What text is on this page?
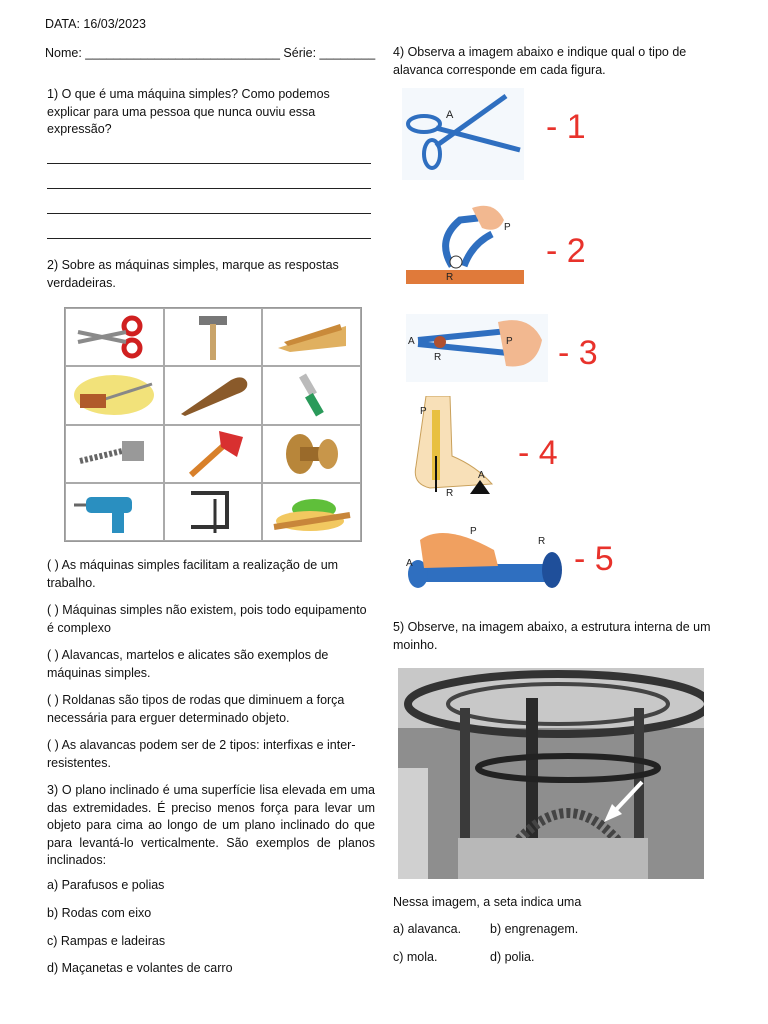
DATA: 16/03/2023
Nome: ____________________________ Série: ________
1) O que é uma máquina simples? Como podemos explicar para uma pessoa que nunca ouviu essa expressão?
2) Sobre as máquinas simples, marque as respostas verdadeiras.
( ) As máquinas simples facilitam a realização de um trabalho.
( ) Máquinas simples não existem, pois todo equipamento é complexo
( ) Alavancas, martelos e alicates são exemplos de máquinas simples.
( ) Roldanas são tipos de rodas que diminuem a força necessária para erguer determinado objeto.
( ) As alavancas podem ser de 2 tipos: interfixas e inter-resistentes.
3) O plano inclinado é uma superfície lisa elevada em uma das extremidades. É preciso menos força para levar um objeto para cima ao longo de um plano inclinado do que para levantá-lo verticalmente. São exemplos de planos inclinados:
a) Parafusos e polias
b) Rodas com eixo
c) Rampas e ladeiras
d) Maçanetas e volantes de carro
4) Observa a imagem abaixo e indique qual o tipo de alavanca corresponde em cada figura.
A	- 1
P
R
- 2
A
R
P - 3
P
A
R
- 4
P
R
A	- 5
5) Observe, na imagem abaixo, a estrutura interna de um moinho.
Nessa imagem, a seta indica uma
a) alavanca. b) engrenagem.
c) mola.	d) polia.
